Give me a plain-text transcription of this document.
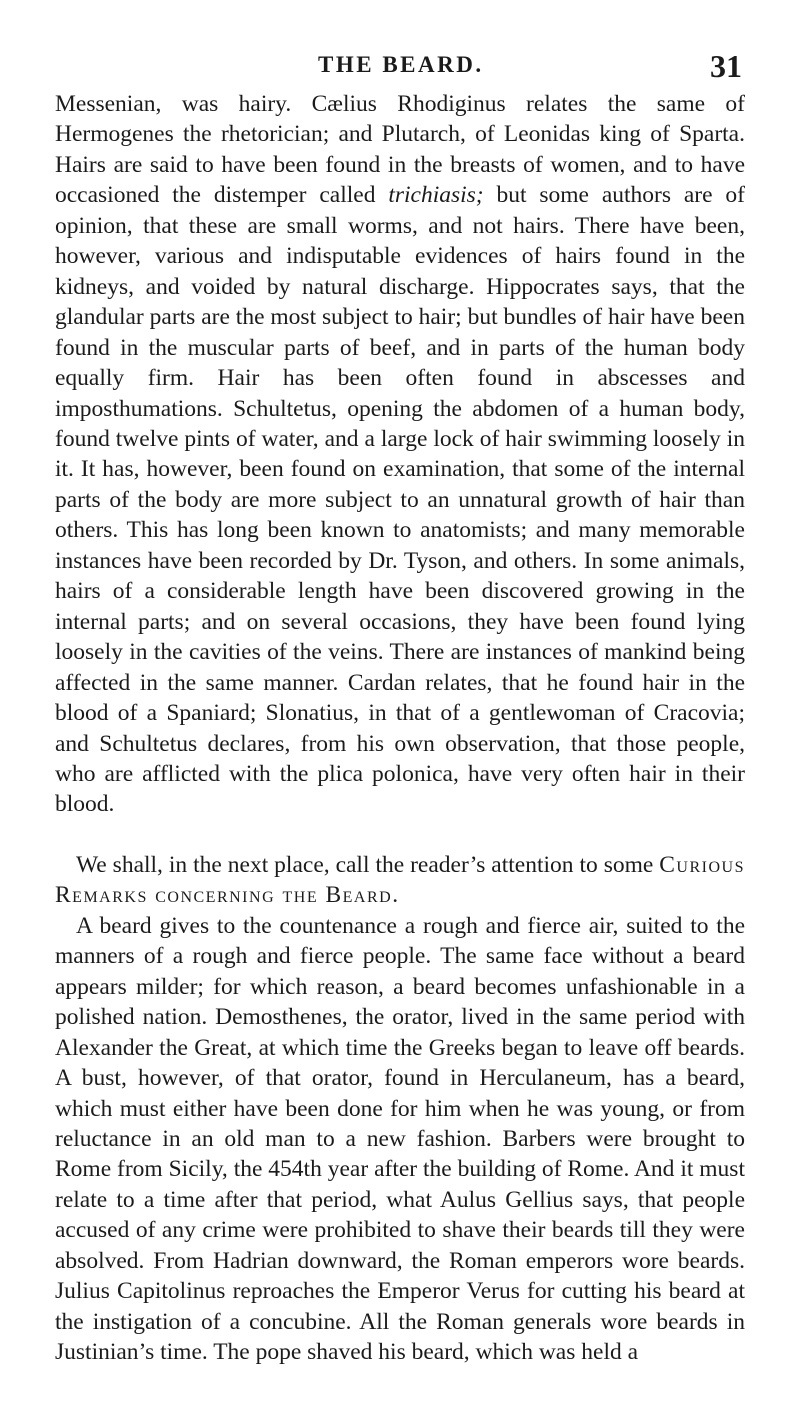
THE BEARD.	31

Messenian, was hairy. Cælius Rhodiginus relates the same of Hermogenes the rhetorician; and Plutarch, of Leonidas king of Sparta. Hairs are said to have been found in the breasts of women, and to have occasioned the distemper called trichiasis; but some authors are of opinion, that these are small worms, and not hairs. There have been, however, various and indisputable evidences of hairs found in the kidneys, and voided by natural discharge. Hippocrates says, that the glandular parts are the most subject to hair; but bundles of hair have been found in the muscular parts of beef, and in parts of the human body equally firm. Hair has been often found in abscesses and imposthumations. Schultetus, opening the abdomen of a human body, found twelve pints of water, and a large lock of hair swimming loosely in it. It has, however, been found on examination, that some of the internal parts of the body are more subject to an unnatural growth of hair than others. This has long been known to anatomists; and many memorable instances have been recorded by Dr. Tyson, and others. In some animals, hairs of a considerable length have been discovered growing in the internal parts; and on several occasions, they have been found lying loosely in the cavities of the veins. There are instances of mankind being affected in the same manner. Cardan relates, that he found hair in the blood of a Spaniard; Slonatius, in that of a gentlewoman of Cracovia; and Schultetus declares, from his own observation, that those people, who are afflicted with the plica polonica, have very often hair in their blood.

We shall, in the next place, call the reader’s attention to some Curious Remarks concerning the Beard.

A beard gives to the countenance a rough and fierce air, suited to the manners of a rough and fierce people. The same face without a beard appears milder; for which reason, a beard becomes unfashionable in a polished nation. Demosthenes, the orator, lived in the same period with Alexander the Great, at which time the Greeks began to leave off beards. A bust, however, of that orator, found in Herculaneum, has a beard, which must either have been done for him when he was young, or from reluctance in an old man to a new fashion. Barbers were brought to Rome from Sicily, the 454th year after the building of Rome. And it must relate to a time after that period, what Aulus Gellius says, that people accused of any crime were prohibited to shave their beards till they were absolved. From Hadrian downward, the Roman emperors wore beards. Julius Capitolinus reproaches the Emperor Verus for cutting his beard at the instigation of a concubine. All the Roman generals wore beards in Justinian’s time. The pope shaved his beard, which was held a
